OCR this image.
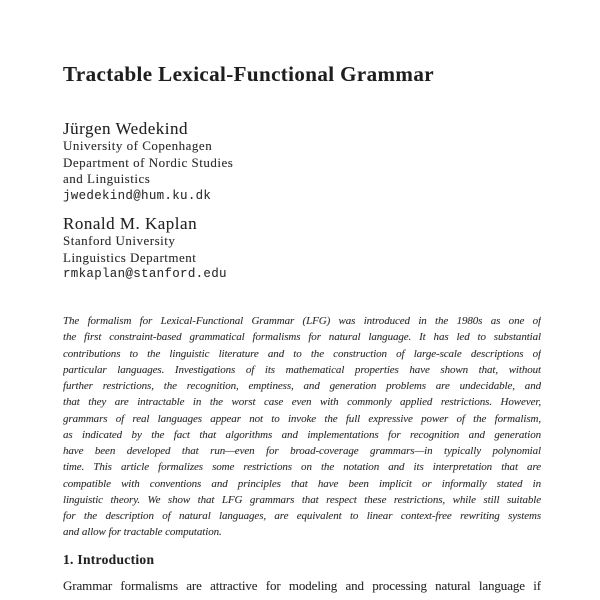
Tractable Lexical-Functional Grammar
Jürgen Wedekind
University of Copenhagen
Department of Nordic Studies
and Linguistics
jwedekind@hum.ku.dk
Ronald M. Kaplan
Stanford University
Linguistics Department
rmkaplan@stanford.edu
The formalism for Lexical-Functional Grammar (LFG) was introduced in the 1980s as one of
the first constraint-based grammatical formalisms for natural language. It has led to substantial
contributions to the linguistic literature and to the construction of large-scale descriptions of
particular languages. Investigations of its mathematical properties have shown that, without
further restrictions, the recognition, emptiness, and generation problems are undecidable, and
that they are intractable in the worst case even with commonly applied restrictions. However,
grammars of real languages appear not to invoke the full expressive power of the formalism,
as indicated by the fact that algorithms and implementations for recognition and generation
have been developed that run—even for broad-coverage grammars—in typically polynomial
time. This article formalizes some restrictions on the notation and its interpretation that are
compatible with conventions and principles that have been implicit or informally stated in
linguistic theory. We show that LFG grammars that respect these restrictions, while still suitable
for the description of natural languages, are equivalent to linear context-free rewriting systems
and allow for tractable computation.
1. Introduction

Grammar formalisms are attractive for modeling and processing natural language if
